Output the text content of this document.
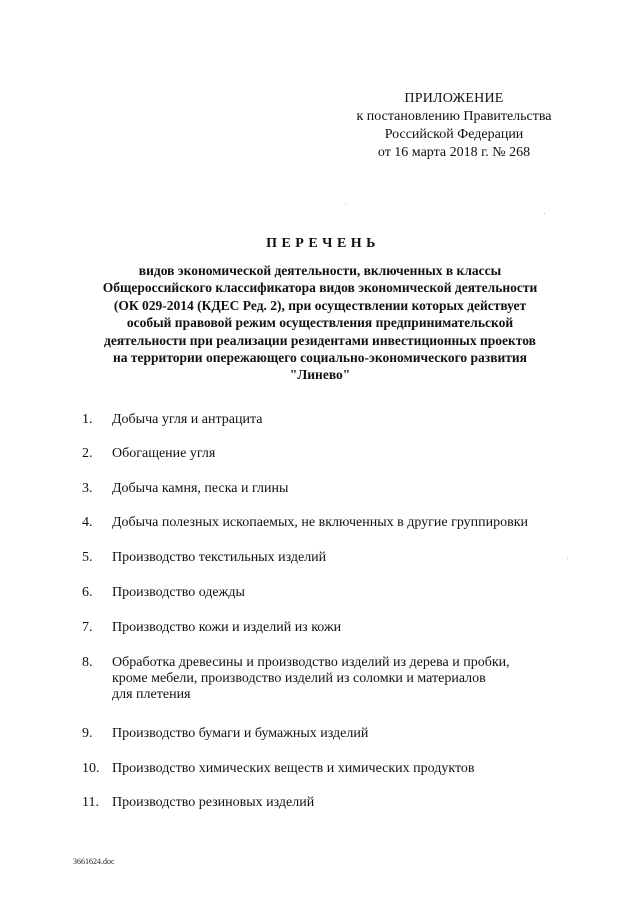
ПРИЛОЖЕНИЕ
к постановлению Правительства
Российской Федерации
от 16 марта 2018 г. № 268
ПЕРЕЧЕНЬ
видов экономической деятельности, включенных в классы
Общероссийского классификатора видов экономической деятельности
(ОК 029-2014 (КДЕС Ред. 2), при осуществлении которых действует
особый правовой режим осуществления предпринимательской
деятельности при реализации резидентами инвестиционных проектов
на территории опережающего социально-экономического развития
"Линево"
1.	Добыча угля и антрацита
2.	Обогащение угля
3.	Добыча камня, песка и глины
4.	Добыча полезных ископаемых, не включенных в другие группировки
5.	Производство текстильных изделий
6.	Производство одежды
7.	Производство кожи и изделий из кожи
8.	Обработка древесины и производство изделий из дерева и пробки,
кроме мебели, производство изделий из соломки и материалов
для плетения
9.	Производство бумаги и бумажных изделий
10. Производство химических веществ и химических продуктов
11. Производство резиновых изделий
3661624.doc
